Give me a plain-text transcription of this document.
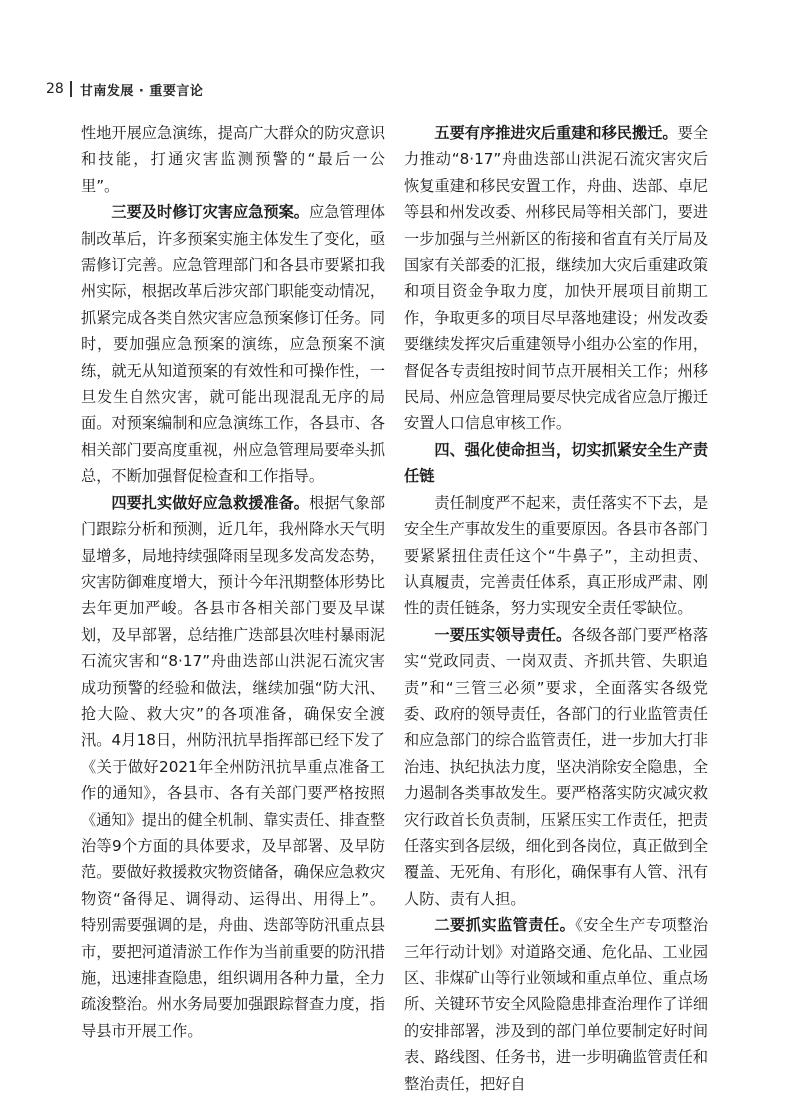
28 甘南发展 · 重要言论

性地开展应急演练，提高广大群众的防灾意识和技能，打通灾害监测预警的“最后一公里”。

三要及时修订灾害应急预案。应急管理体制改革后，许多预案实施主体发生了变化，亟需修订完善。应急管理部门和各县市要紧扣我州实际，根据改革后涉灾部门职能变动情况，抓紧完成各类自然灾害应急预案修订任务。同时，要加强应急预案的演练，应急预案不演练，就无从知道预案的有效性和可操作性，一旦发生自然灾害，就可能出现混乱无序的局面。对预案编制和应急演练工作，各县市、各相关部门要高度重视，州应急管理局要牵头抓总，不断加强督促检查和工作指导。

四要扎实做好应急救援准备。根据气象部门跟踪分析和预测，近几年，我州降水天气明显增多，局地持续强降雨呈现多发高发态势，灾害防御难度增大，预计今年汛期整体形势比去年更加严峻。各县市各相关部门要及早谋划，及早部署，总结推广迭部县次哇村暴雨泥石流灾害和“8·17”舟曲迭部山洪泥石流灾害成功预警的经验和做法，继续加强“防大汛、抢大险、救大灾”的各项准备，确保安全渡汛。4月18日，州防汛抗旱指挥部已经下发了《关于做好2021年全州防汛抗旱重点准备工作的通知》，各县市、各有关部门要严格按照《通知》提出的健全机制、靠实责任、排查整治等9个方面的具体要求，及早部署、及早防范。要做好救援救灾物资储备，确保应急救灾物资“备得足、调得动、运得出、用得上”。特别需要强调的是，舟曲、迭部等防汛重点县市，要把河道清淤工作作为当前重要的防汛措施，迅速排查隐患，组织调用各种力量，全力疏浚整治。州水务局要加强跟踪督查力度，指导县市开展工作。

五要有序推进灾后重建和移民搬迁。要全力推动“8·17”舟曲迭部山洪泥石流灾害灾后恢复重建和移民安置工作，舟曲、迭部、卓尼等县和州发改委、州移民局等相关部门，要进一步加强与兰州新区的衔接和省直有关厅局及国家有关部委的汇报，继续加大灾后重建政策和项目资金争取力度，加快开展项目前期工作，争取更多的项目尽早落地建设；州发改委要继续发挥灾后重建领导小组办公室的作用，督促各专责组按时间节点开展相关工作；州移民局、州应急管理局要尽快完成省应急厅搬迁安置人口信息审核工作。

四、强化使命担当，切实抓紧安全生产责任链

责任制度严不起来，责任落实不下去，是安全生产事故发生的重要原因。各县市各部门要紧紧扭住责任这个“牛鼻子”，主动担责、认真履责，完善责任体系，真正形成严肃、刚性的责任链条，努力实现安全责任零缺位。

一要压实领导责任。各级各部门要严格落实“党政同责、一岗双责、齐抓共管、失职追责”和“三管三必须”要求，全面落实各级党委、政府的领导责任，各部门的行业监管责任和应急部门的综合监管责任，进一步加大打非治违、执纪执法力度，坚决消除安全隐患，全力遏制各类事故发生。要严格落实防灾减灾救灾行政首长负责制，压紧压实工作责任，把责任落实到各层级，细化到各岗位，真正做到全覆盖、无死角、有形化，确保事有人管、汛有人防、责有人担。

二要抓实监管责任。《安全生产专项整治三年行动计划》对道路交通、危化品、工业园区、非煤矿山等行业领域和重点单位、重点场所、关键环节安全风险隐患排查治理作了详细的安排部署，涉及到的部门单位要制定好时间表、路线图、任务书，进一步明确监管责任和整治责任，把好自
